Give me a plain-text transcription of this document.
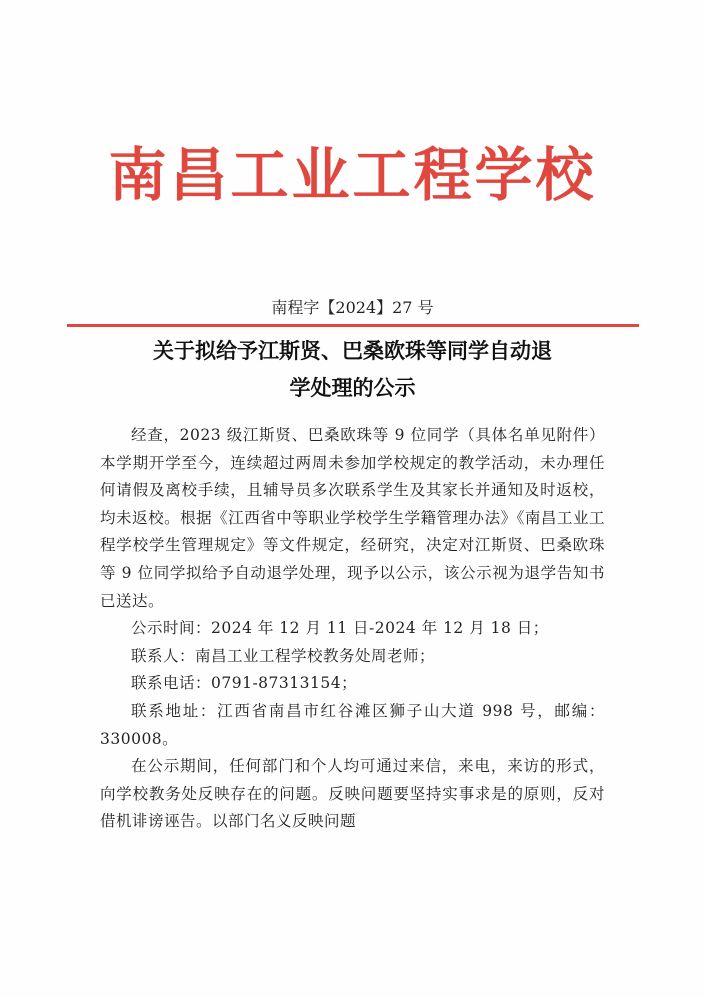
南昌工业工程学校
南程字【2024】27 号
关于拟给予江斯贤、巴桑欧珠等同学自动退
学处理的公示

经查，2023 级江斯贤、巴桑欧珠等 9 位同学（具体名单见附件）本学期开学至今，连续超过两周未参加学校规定的教学活动，未办理任何请假及离校手续，且辅导员多次联系学生及其家长并通知及时返校，均未返校。根据《江西省中等职业学校学生学籍管理办法》《南昌工业工程学校学生管理规定》等文件规定，经研究，决定对江斯贤、巴桑欧珠等 9 位同学拟给予自动退学处理，现予以公示，该公示视为退学告知书已送达。

公示时间：2024 年 12 月 11 日-2024 年 12 月 18 日；

联系人：南昌工业工程学校教务处周老师；

联系电话：0791-87313154；

联系地址：江西省南昌市红谷滩区狮子山大道 998 号，邮编：330008。

在公示期间，任何部门和个人均可通过来信，来电，来访的形式，向学校教务处反映存在的问题。反映问题要坚持实事求是的原则，反对借机诽谤诬告。以部门名义反映问题
